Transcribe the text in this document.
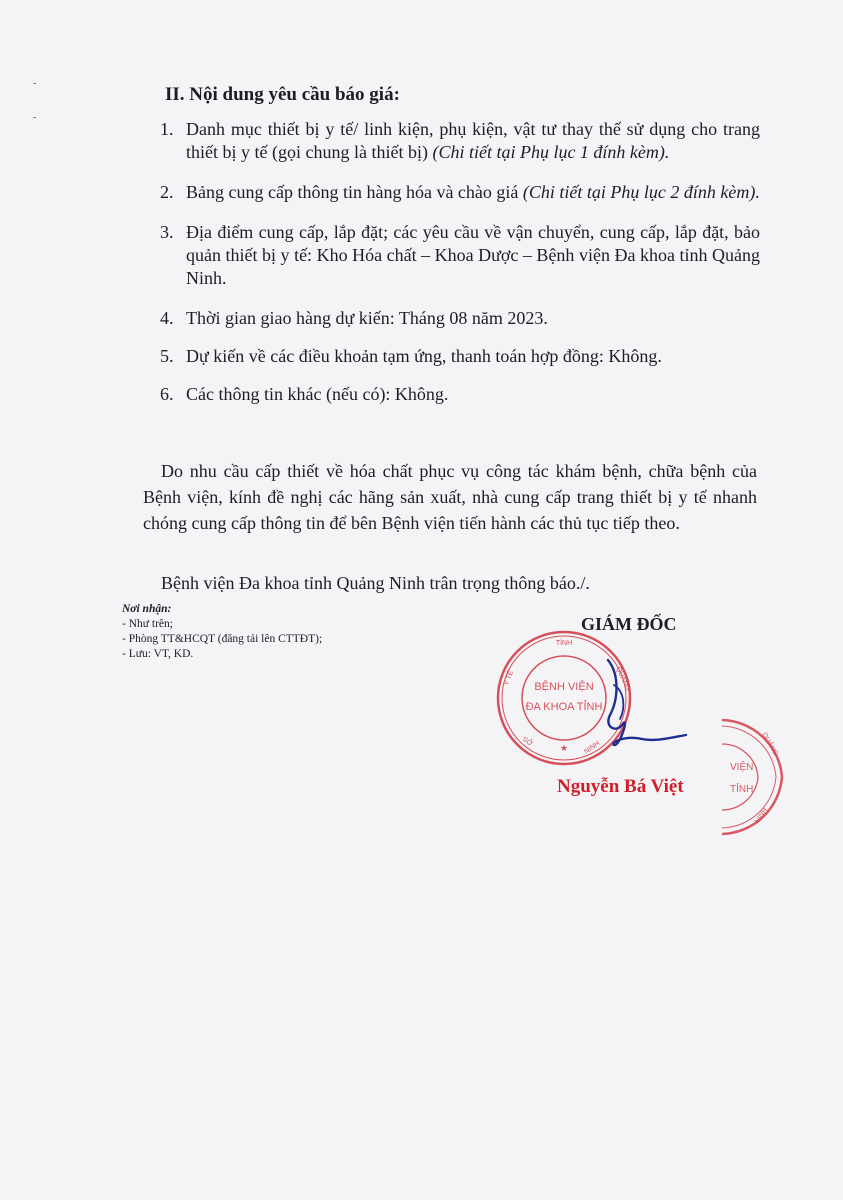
-
-
II. Nội dung yêu cầu báo giá:
1. Danh mục thiết bị y tế/ linh kiện, phụ kiện, vật tư thay thế sử dụng cho trang thiết bị y tế (gọi chung là thiết bị) (Chi tiết tại Phụ lục 1 đính kèm).
2. Bảng cung cấp thông tin hàng hóa và chào giá (Chi tiết tại Phụ lục 2 đính kèm).
3. Địa điểm cung cấp, lắp đặt; các yêu cầu về vận chuyển, cung cấp, lắp đặt, bảo quản thiết bị y tế: Kho Hóa chất – Khoa Dược – Bệnh viện Đa khoa tỉnh Quảng Ninh.
4. Thời gian giao hàng dự kiến: Tháng 08 năm 2023.
5. Dự kiến về các điều khoản tạm ứng, thanh toán hợp đồng: Không.
6. Các thông tin khác (nếu có): Không.

Do nhu cầu cấp thiết về hóa chất phục vụ công tác khám bệnh, chữa bệnh của Bệnh viện, kính đề nghị các hãng sản xuất, nhà cung cấp trang thiết bị y tế nhanh chóng cung cấp thông tin để bên Bệnh viện tiến hành các thủ tục tiếp theo.

Bệnh viện Đa khoa tỉnh Quảng Ninh trân trọng thông báo./.

Nơi nhận:
- Như trên;
- Phòng TT&HCQT (đăng tải lên CTTĐT);
- Lưu: VT, KD.
GIÁM ĐỐC
BỆNH VIỆN
ĐA KHOA TỈNH
TỈNH
Y TẾ	QUẢNG
NINH
SỞ
★
VIỆN
TỈNH
QUẢNG
NINH
Nguyễn Bá Việt
